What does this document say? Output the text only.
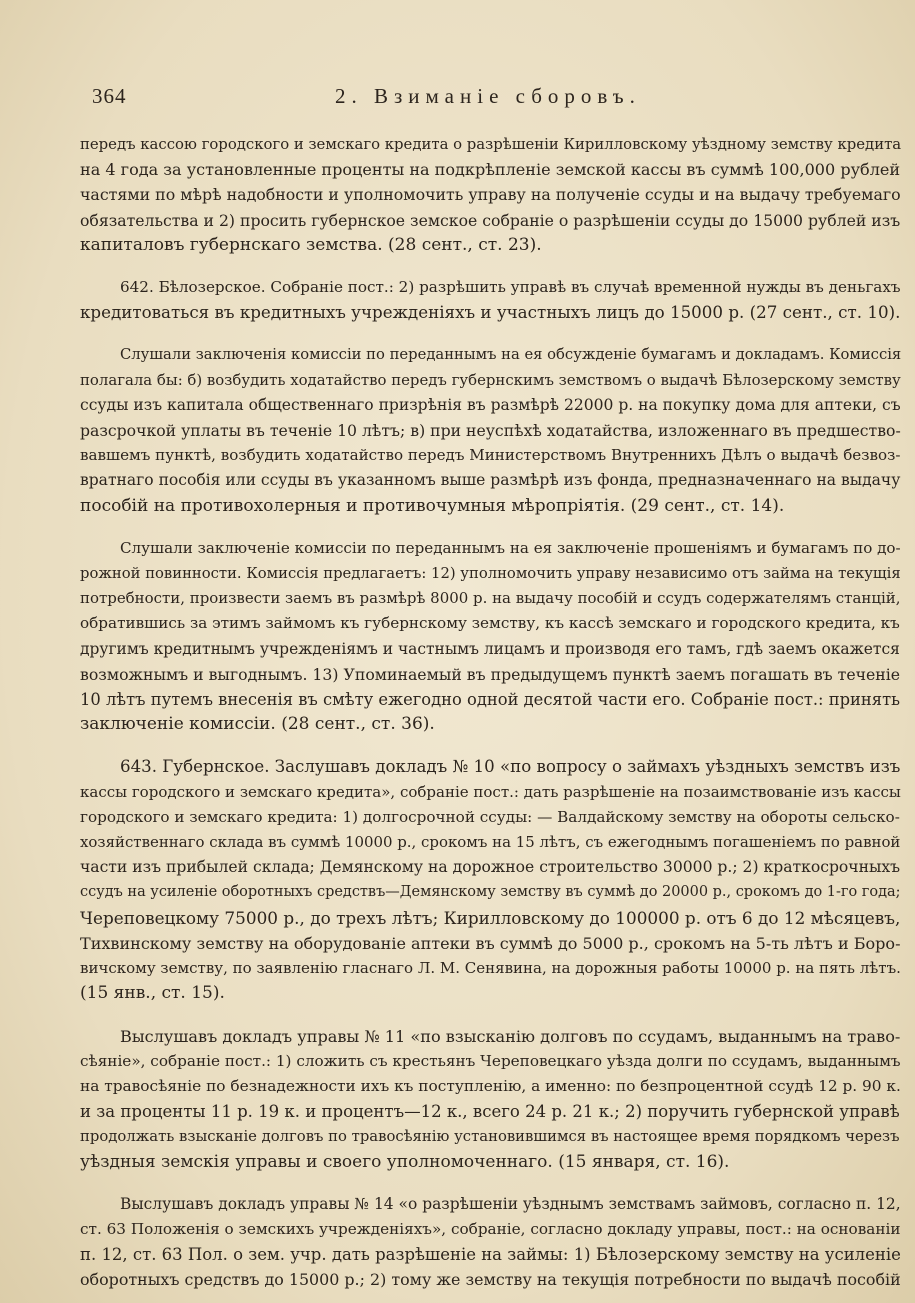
364	2. Взиманіе сборовъ.

передъ кассою городского и земскаго кредита о разрѣшеніи Кирилловскому уѣздному земству кредита
на 4 года за установленные проценты на подкрѣпленіе земской кассы въ суммѣ 100,000 рублей
частями по мѣрѣ надобности и уполномочить управу на полученіе ссуды и на выдачу требуемаго
обязательства и 2) просить губернское земское собраніе о разрѣшеніи ссуды до 15000 рублей изъ
капиталовъ губернскаго земства. (28 сент., ст. 23).

642. Бѣлозерское. Собраніе пост.: 2) разрѣшить управѣ въ случаѣ временной нужды въ деньгахъ
кредитоваться въ кредитныхъ учрежденіяхъ и участныхъ лицъ до 15000 р. (27 сент., ст. 10).

Слушали заключенія комиссіи по переданнымъ на ея обсужденіе бумагамъ и докладамъ. Комиссія
полагала бы: б) возбудить ходатайство передъ губернскимъ земствомъ о выдачѣ Бѣлозерскому земству
ссуды изъ капитала общественнаго призрѣнія въ размѣрѣ 22000 р. на покупку дома для аптеки, съ
разсрочкой уплаты въ теченіе 10 лѣтъ; в) при неуспѣхѣ ходатайства, изложеннаго въ предшество-
вавшемъ пунктѣ, возбудить ходатайство передъ Министерствомъ Внутреннихъ Дѣлъ о выдачѣ безвоз-
вратнаго пособія или ссуды въ указанномъ выше размѣрѣ изъ фонда, предназначеннаго на выдачу
пособій на противохолерныя и противочумныя мѣропріятія. (29 сент., ст. 14).

Слушали заключеніе комиссіи по переданнымъ на ея заключеніе прошеніямъ и бумагамъ по до-
рожной повинности. Комиссія предлагаетъ: 12) уполномочить управу независимо отъ займа на текущія
потребности, произвести заемъ въ размѣрѣ 8000 р. на выдачу пособій и ссудъ содержателямъ станцій,
обратившись за этимъ займомъ къ губернскому земству, къ кассѣ земскаго и городского кредита, къ
другимъ кредитнымъ учрежденіямъ и частнымъ лицамъ и производя его тамъ, гдѣ заемъ окажется
возможнымъ и выгоднымъ. 13) Упоминаемый въ предыдущемъ пунктѣ заемъ погашать въ теченіе
10 лѣтъ путемъ внесенія въ смѣту ежегодно одной десятой части его. Собраніе пост.: принять
заключеніе комиссіи. (28 сент., ст. 36).

643. Губернское. Заслушавъ докладъ № 10 «по вопросу о займахъ уѣздныхъ земствъ изъ
кассы городского и земскаго кредита», собраніе пост.: дать разрѣшеніе на позаимствованіе изъ кассы
городского и земскаго кредита: 1) долгосрочной ссуды: — Валдайскому земству на обороты сельско-
хозяйственнаго склада въ суммѣ 10000 р., срокомъ на 15 лѣтъ, съ ежегоднымъ погашеніемъ по равной
части изъ прибылей склада; Демянскому на дорожное строительство 30000 р.; 2) краткосрочныхъ
ссудъ на усиленіе оборотныхъ средствъ—Демянскому земству въ суммѣ до 20000 р., срокомъ до 1-го года;
Череповецкому 75000 р., до трехъ лѣтъ; Кирилловскому до 100000 р. отъ 6 до 12 мѣсяцевъ,
Тихвинскому земству на оборудованіе аптеки въ суммѣ до 5000 р., срокомъ на 5-ть лѣтъ и Боро-
вичскому земству, по заявленію гласнаго Л. М. Сенявина, на дорожныя работы 10000 р. на пять лѣтъ.
(15 янв., ст. 15).

Выслушавъ докладъ управы № 11 «по взысканію долговъ по ссудамъ, выданнымъ на траво-
сѣяніе», собраніе пост.: 1) сложить съ крестьянъ Череповецкаго уѣзда долги по ссудамъ, выданнымъ
на травосѣяніе по безнадежности ихъ къ поступленію, а именно: по безпроцентной ссудѣ 12 р. 90 к.
и за проценты 11 р. 19 к. и процентъ—12 к., всего 24 р. 21 к.; 2) поручить губернской управѣ
продолжать взысканіе долговъ по травосѣянію установившимся въ настоящее время порядкомъ черезъ
уѣздныя земскія управы и своего уполномоченнаго. (15 января, ст. 16).

Выслушавъ докладъ управы № 14 «о разрѣшеніи уѣзднымъ земствамъ займовъ, согласно п. 12,
ст. 63 Положенія о земскихъ учрежденіяхъ», собраніе, согласно докладу управы, пост.: на основаніи
п. 12, ст. 63 Пол. о зем. учр. дать разрѣшеніе на займы: 1) Бѣлозерскому земству на усиленіе
оборотныхъ средствъ до 15000 р.; 2) тому же земству на текущія потребности по выдачѣ пособій
